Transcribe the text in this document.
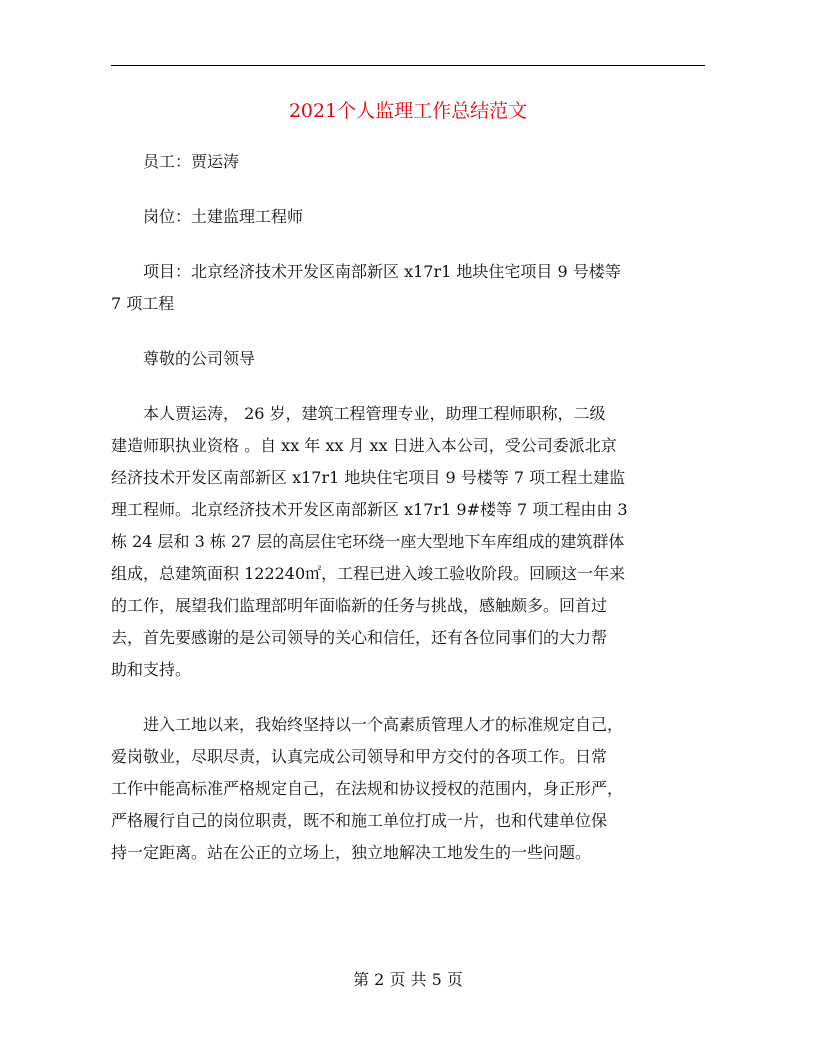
2021个人监理工作总结范文

员工：贾运涛

岗位：土建监理工程师

项目：北京经济技术开发区南部新区 x17r1 地块住宅项目 9 号楼等
7 项工程

尊敬的公司领导

本人贾运涛， 26 岁，建筑工程管理专业，助理工程师职称，二级
建造师职执业资格 。自 xx 年 xx 月 xx 日进入本公司，受公司委派北京
经济技术开发区南部新区 x17r1 地块住宅项目 9 号楼等 7 项工程土建监
理工程师。北京经济技术开发区南部新区 x17r1 9#楼等 7 项工程由由 3
栋 24 层和 3 栋 27 层的高层住宅环绕一座大型地下车库组成的建筑群体
组成，总建筑面积 122240㎡，工程已进入竣工验收阶段。回顾这一年来
的工作，展望我们监理部明年面临新的任务与挑战，感触颇多。回首过
去，首先要感谢的是公司领导的关心和信任，还有各位同事们的大力帮
助和支持。

进入工地以来，我始终坚持以一个高素质管理人才的标准规定自己，
爱岗敬业，尽职尽责，认真完成公司领导和甲方交付的各项工作。日常
工作中能高标准严格规定自己，在法规和协议授权的范围内，身正形严，
严格履行自己的岗位职责，既不和施工单位打成一片，也和代建单位保
持一定距离。站在公正的立场上，独立地解决工地发生的一些问题。

第 2 页 共 5 页
